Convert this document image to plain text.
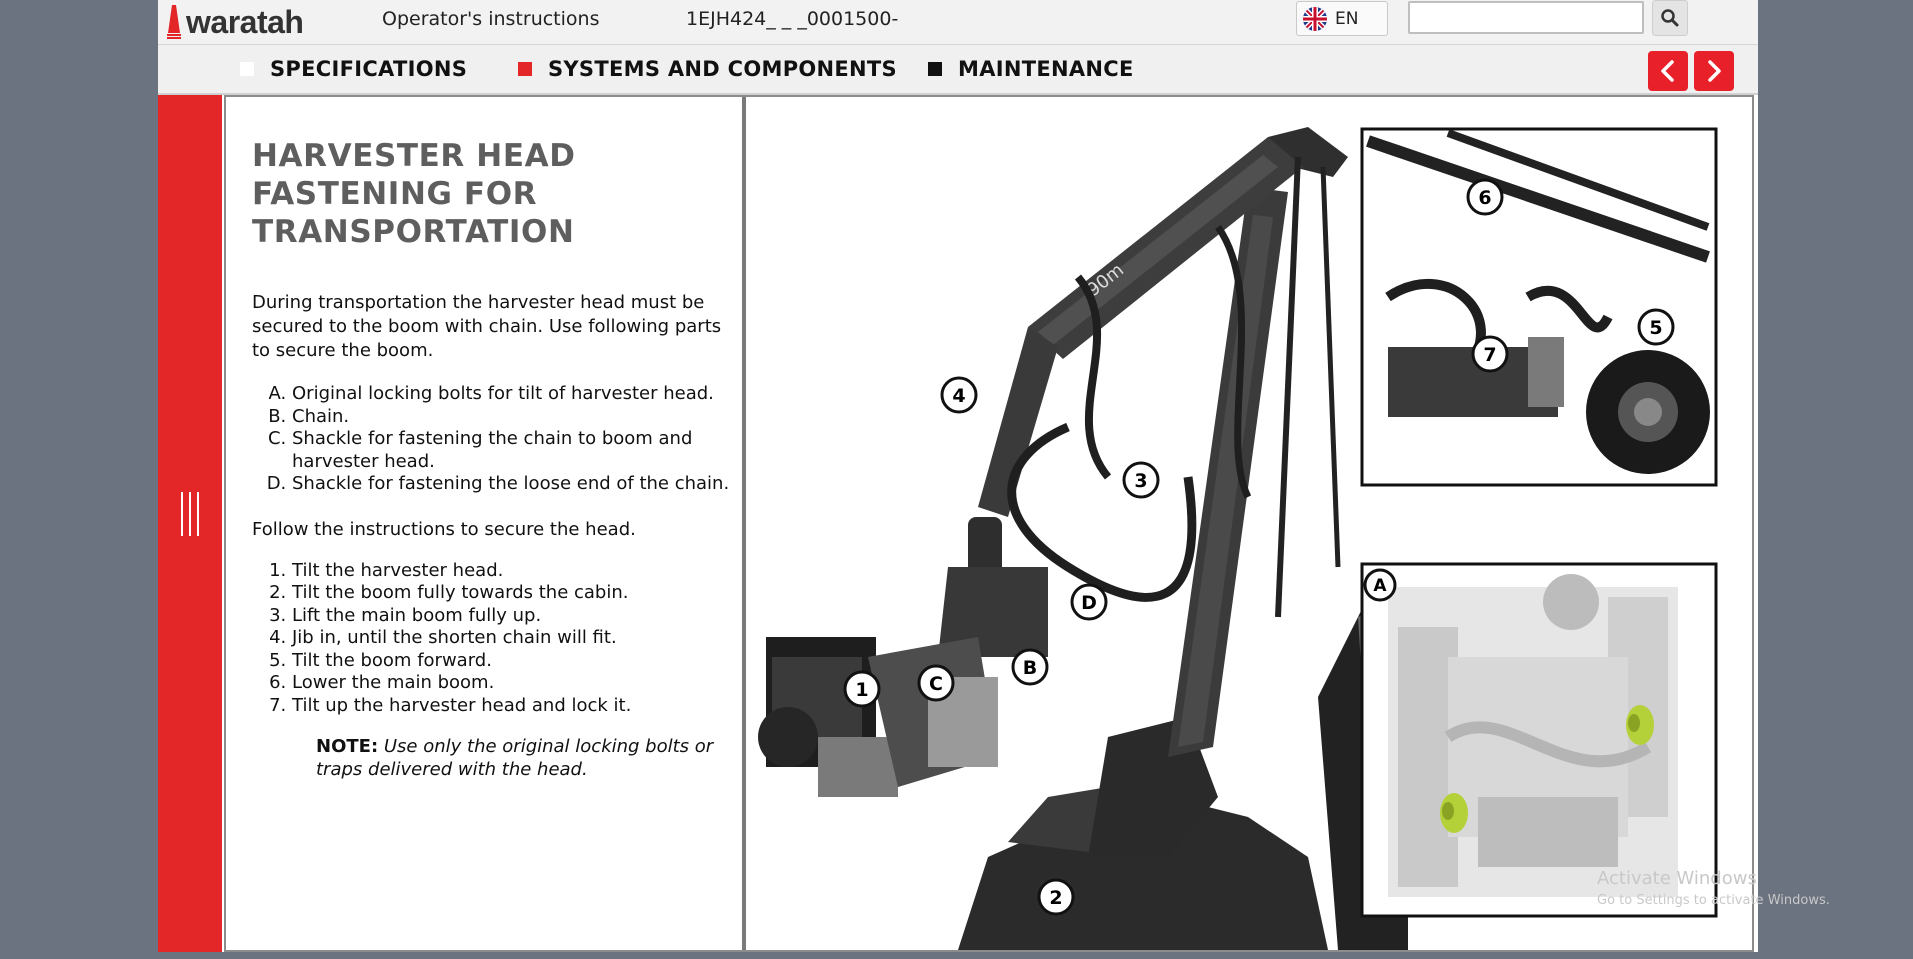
waratah	Operator's instructions	1EJH424_ _ _0001500-	EN
SPECIFICATIONS	SYSTEMS AND COMPONENTS	MAINTENANCE
HARVESTER HEAD FASTENING FOR TRANSPORTATION

During transportation the harvester head must be secured to the boom with chain. Use following parts to secure the boom.

A. Original locking bolts for tilt of harvester head.
B. Chain.
C. Shackle for fastening the chain to boom and harvester head.
D. Shackle for fastening the loose end of the chain.

Follow the instructions to secure the head.

1. Tilt the harvester head.
2. Tilt the boom fully towards the cabin.
3. Lift the main boom fully up.
4. Jib in, until the shorten chain will fit.
5. Tilt the boom forward.
6. Lower the main boom.
7. Tilt up the harvester head and lock it.

NOTE: Use only the original locking bolts or traps delivered with the head.

90m
1
2
3
4
D
B
C
6
7
5
A
Activate Windows
Go to Settings to activate Windows.
